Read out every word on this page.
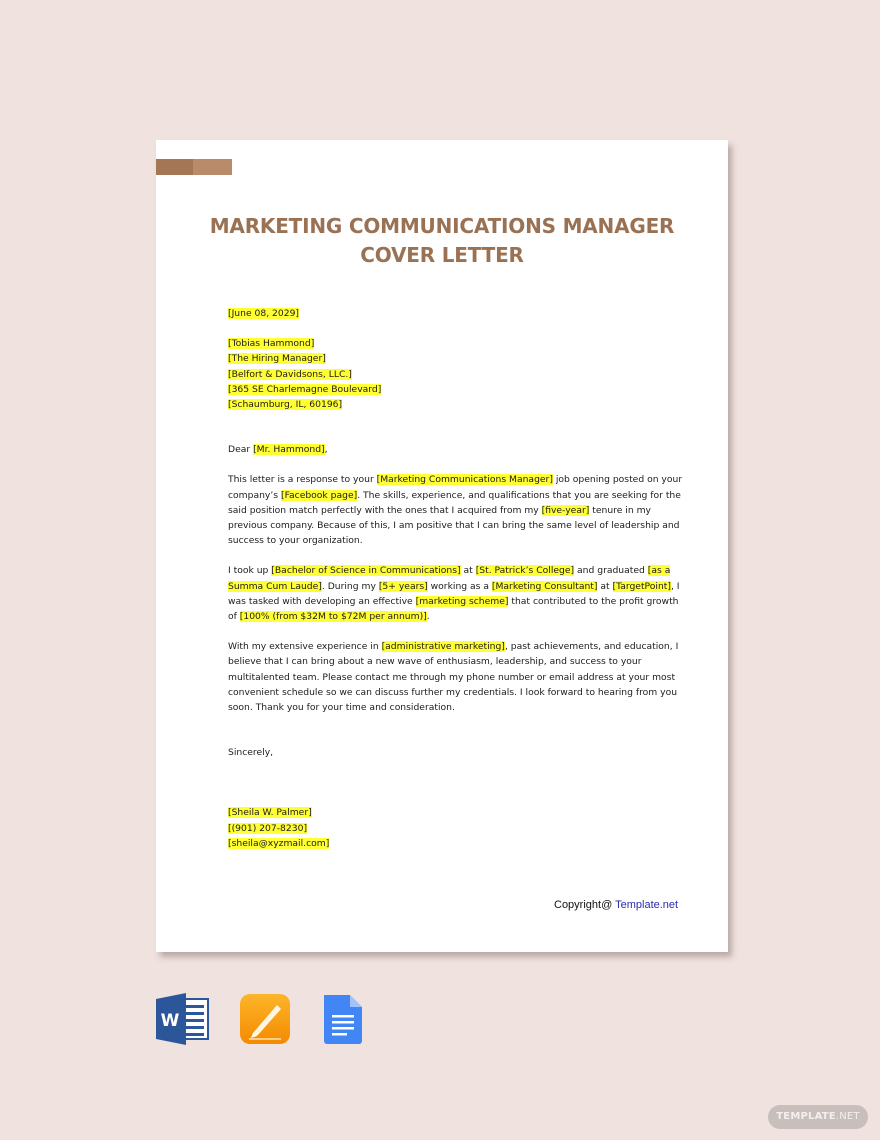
MARKETING COMMUNICATIONS MANAGER
COVER LETTER
[June 08, 2029]
[Tobias Hammond]
[The Hiring Manager]
[Belfort & Davidsons, LLC.]
[365 SE Charlemagne Boulevard]
[Schaumburg, IL, 60196]
Dear [Mr. Hammond],

This letter is a response to your [Marketing Communications Manager] job opening posted on your company’s [Facebook page]. The skills, experience, and qualifications that you are seeking for the said position match perfectly with the ones that I acquired from my [five-year] tenure in my previous company. Because of this, I am positive that I can bring the same level of leadership and success to your organization.

I took up [Bachelor of Science in Communications] at [St. Patrick’s College] and graduated [as a Summa Cum Laude]. During my [5+ years] working as a [Marketing Consultant] at [TargetPoint], I was tasked with developing an effective [marketing scheme] that contributed to the profit growth of [100% (from $32M to $72M per annum)].

With my extensive experience in [administrative marketing], past achievements, and education, I believe that I can bring about a new wave of enthusiasm, leadership, and success to your multitalented team. Please contact me through my phone number or email address at your most convenient schedule so we can discuss further my credentials. I look forward to hearing from you soon. Thank you for your time and consideration.

Sincerely,
[Sheila W. Palmer]
[(901) 207-8230]
[sheila@xyzmail.com]
Copyright@ Template.net
W
TEMPLATE.NET
